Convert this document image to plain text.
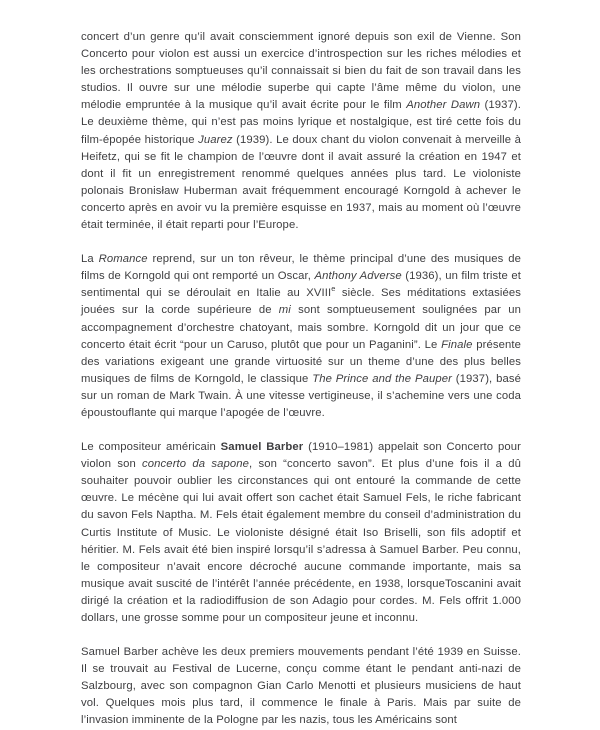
concert d’un genre qu’il avait consciemment ignoré depuis son exil de Vienne. Son Concerto pour violon est aussi un exercice d’introspection sur les riches mélodies et les orchestrations somptueuses qu’il connaissait si bien du fait de son travail dans les studios. Il ouvre sur une mélodie superbe qui capte l’âme même du violon, une mélodie empruntée à la musique qu’il avait écrite pour le film Another Dawn (1937). Le deuxième thème, qui n’est pas moins lyrique et nostalgique, est tiré cette fois du film-épopée historique Juarez (1939). Le doux chant du violon convenait à merveille à Heifetz, qui se fit le champion de l’œuvre dont il avait assuré la création en 1947 et dont il fit un enregistrement renommé quelques années plus tard. Le violoniste polonais Bronisław Huberman avait fréquemment encouragé Korngold à achever le concerto après en avoir vu la première esquisse en 1937, mais au moment où l’œuvre était terminée, il était reparti pour l’Europe.

La Romance reprend, sur un ton rêveur, le thème principal d’une des musiques de films de Korngold qui ont remporté un Oscar, Anthony Adverse (1936), un film triste et sentimental qui se déroulait en Italie au XVIIIe siècle. Ses méditations extasiées jouées sur la corde supérieure de mi sont somptueusement soulignées par un accompagnement d’orchestre chatoyant, mais sombre. Korngold dit un jour que ce concerto était écrit “pour un Caruso, plutôt que pour un Paganini”. Le Finale présente des variations exigeant une grande virtuosité sur un theme d’une des plus belles musiques de films de Korngold, le classique The Prince and the Pauper (1937), basé sur un roman de Mark Twain. À une vitesse vertigineuse, il s’achemine vers une coda époustouflante qui marque l’apogée de l’œuvre.

Le compositeur américain Samuel Barber (1910–1981) appelait son Concerto pour violon son concerto da sapone, son “concerto savon”. Et plus d’une fois il a dû souhaiter pouvoir oublier les circonstances qui ont entouré la commande de cette œuvre. Le mécène qui lui avait offert son cachet était Samuel Fels, le riche fabricant du savon Fels Naptha. M. Fels était également membre du conseil d’administration du Curtis Institute of Music. Le violoniste désigné était Iso Briselli, son fils adoptif et héritier. M. Fels avait été bien inspiré lorsqu’il s’adressa à Samuel Barber. Peu connu, le compositeur n’avait encore décroché aucune commande importante, mais sa musique avait suscité de l’intérêt l’année précédente, en 1938, lorsqueToscanini avait dirigé la création et la radiodiffusion de son Adagio pour cordes. M. Fels offrit 1.000 dollars, une grosse somme pour un compositeur jeune et inconnu.

Samuel Barber achève les deux premiers mouvements pendant l’été 1939 en Suisse. Il se trouvait au Festival de Lucerne, conçu comme étant le pendant anti-nazi de Salzbourg, avec son compagnon Gian Carlo Menotti et plusieurs musiciens de haut vol. Quelques mois plus tard, il commence le finale à Paris. Mais par suite de l’invasion imminente de la Pologne par les nazis, tous les Américains sont
